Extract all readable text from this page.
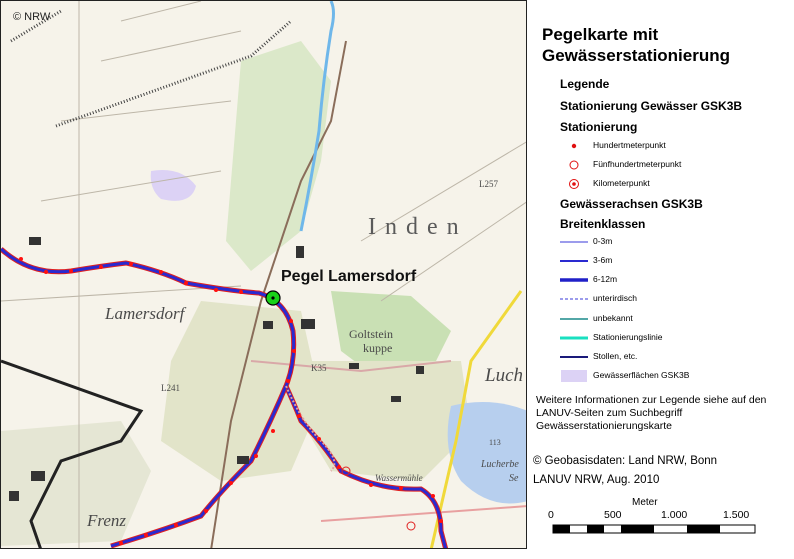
© NRW
Inden
Lamersdorf
Goltstein
kuppe
Frenz
Luch
Wassermühle
Lucherbe
Se
L257
K35
L241
113
Pegel Lamersdorf
Pegelkarte mit
Gewässerstationierung
Legende
Stationierung Gewässer GSK3B
Stationierung
Hundertmeterpunkt
Fünfhundertmeterpunkt
Kilometerpunkt
Gewässerachsen GSK3B
Breitenklassen
0-3m
3-6m
6-12m
unterirdisch
unbekannt
Stationierungslinie
Stollen, etc.
Gewässerflächen GSK3B
Weitere Informationen zur Legende siehe auf den LANUV-Seiten zum Suchbegriff Gewässerstationierungskarte
© Geobasisdaten: Land NRW, Bonn
LANUV NRW, Aug. 2010
Meter
0	500	1.000	1.500
